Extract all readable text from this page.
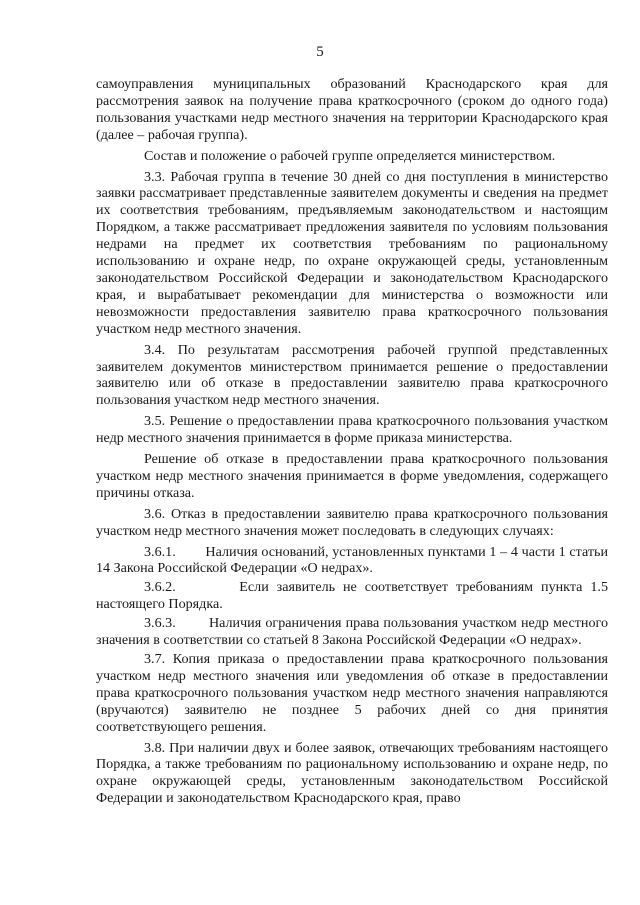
5

самоуправления муниципальных образований Краснодарского края для рассмотрения заявок на получение права краткосрочного (сроком до одного года) пользования участками недр местного значения на территории Краснодарского края (далее – рабочая группа).

Состав и положение о рабочей группе определяется министерством.

3.3. Рабочая группа в течение 30 дней со дня поступления в министерство заявки рассматривает представленные заявителем документы и сведения на предмет их соответствия требованиям, предъявляемым законодательством и настоящим Порядком, а также рассматривает предложения заявителя по условиям пользования недрами на предмет их соответствия требованиям по рациональному использованию и охране недр, по охране окружающей среды, установленным законодательством Российской Федерации и законодательством Краснодарского края, и вырабатывает рекомендации для министерства о возможности или невозможности предоставления заявителю права краткосрочного пользования участком недр местного значения.

3.4. По результатам рассмотрения рабочей группой представленных заявителем документов министерством принимается решение о предоставлении заявителю или об отказе в предоставлении заявителю права краткосрочного пользования участком недр местного значения.

3.5. Решение о предоставлении права краткосрочного пользования участком недр местного значения принимается в форме приказа министерства.

Решение об отказе в предоставлении права краткосрочного пользования участком недр местного значения принимается в форме уведомления, содержащего причины отказа.

3.6. Отказ в предоставлении заявителю права краткосрочного пользования участком недр местного значения может последовать в следующих случаях:

3.6.1.        Наличия оснований, установленных пунктами 1 – 4 части 1 статьи 14 Закона Российской Федерации «О недрах».

3.6.2.        Если заявитель не соответствует требованиям пункта 1.5 настоящего Порядка.

3.6.3.        Наличия ограничения права пользования участком недр местного значения в соответствии со статьей 8 Закона Российской Федерации «О недрах».

3.7. Копия приказа о предоставлении права краткосрочного пользования участком недр местного значения или уведомления об отказе в предоставлении права краткосрочного пользования участком недр местного значения направляются (вручаются) заявителю не позднее 5 рабочих дней со дня принятия соответствующего решения.

3.8. При наличии двух и более заявок, отвечающих требованиям настоящего Порядка, а также требованиям по рациональному использованию и охране недр, по охране окружающей среды, установленным законодательством Российской Федерации и законодательством Краснодарского края, право
